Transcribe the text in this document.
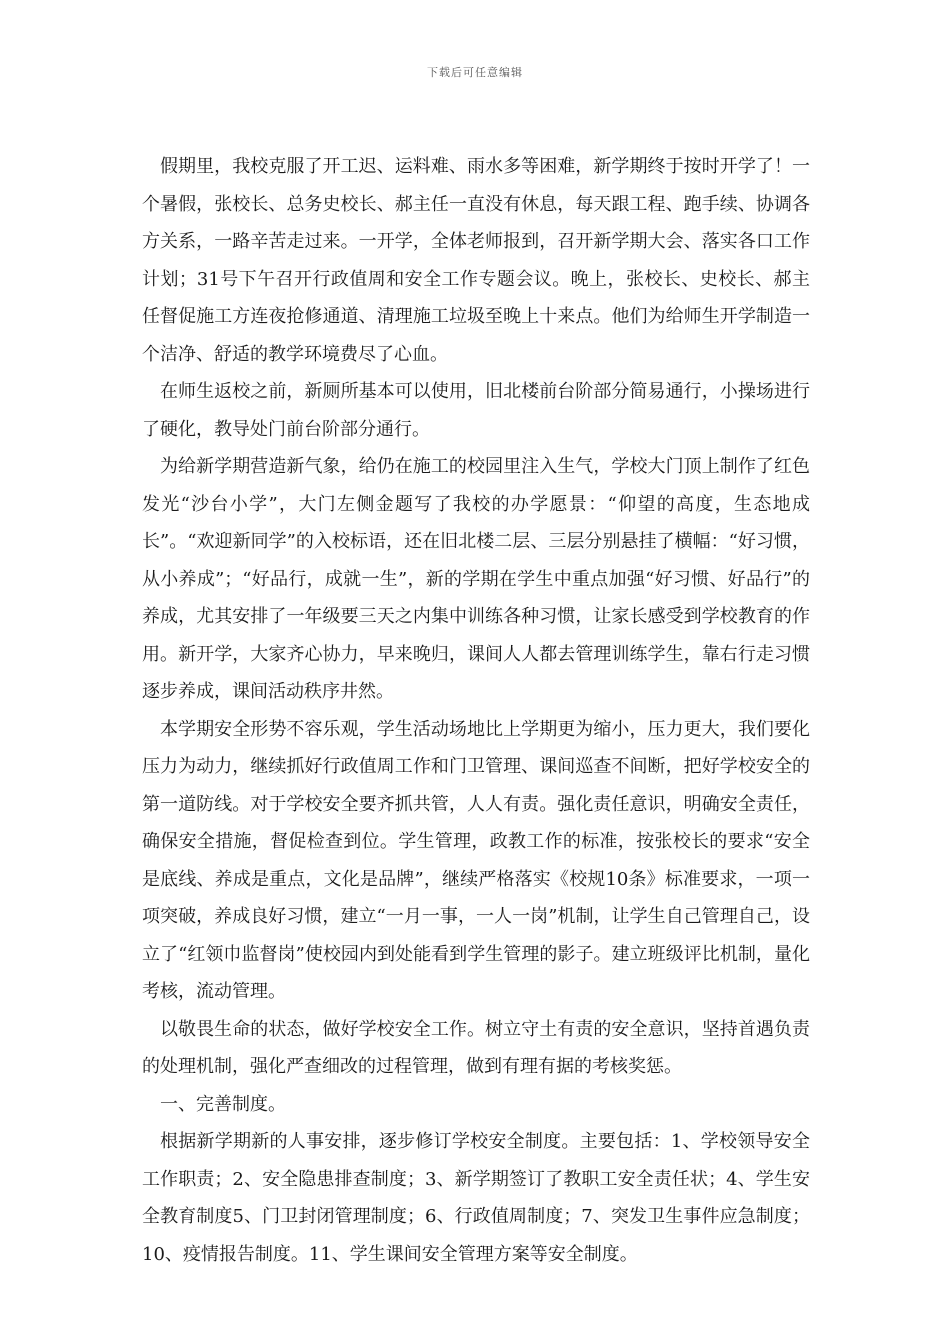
下载后可任意编辑

假期里，我校克服了开工迟、运料难、雨水多等困难，新学期终于按时开学了！一个暑假，张校长、总务史校长、郝主任一直没有休息，每天跟工程、跑手续、协调各方关系，一路辛苦走过来。一开学，全体老师报到，召开新学期大会、落实各口工作计划；31号下午召开行政值周和安全工作专题会议。晚上，张校长、史校长、郝主任督促施工方连夜抢修通道、清理施工垃圾至晚上十来点。他们为给师生开学制造一个洁净、舒适的教学环境费尽了心血。

在师生返校之前，新厕所基本可以使用，旧北楼前台阶部分简易通行，小操场进行了硬化，教导处门前台阶部分通行。

为给新学期营造新气象，给仍在施工的校园里注入生气，学校大门顶上制作了红色发光“沙台小学”，大门左侧金题写了我校的办学愿景：“仰望的高度，生态地成长”。“欢迎新同学”的入校标语，还在旧北楼二层、三层分别悬挂了横幅：“好习惯，从小养成”；“好品行，成就一生”，新的学期在学生中重点加强“好习惯、好品行”的养成，尤其安排了一年级要三天之内集中训练各种习惯，让家长感受到学校教育的作用。新开学，大家齐心协力，早来晚归，课间人人都去管理训练学生，靠右行走习惯逐步养成，课间活动秩序井然。

本学期安全形势不容乐观，学生活动场地比上学期更为缩小，压力更大，我们要化压力为动力，继续抓好行政值周工作和门卫管理、课间巡查不间断，把好学校安全的第一道防线。对于学校安全要齐抓共管，人人有责。强化责任意识，明确安全责任，确保安全措施，督促检查到位。学生管理，政教工作的标准，按张校长的要求“安全是底线、养成是重点，文化是品牌”，继续严格落实《校规10条》标准要求，一项一项突破，养成良好习惯，建立“一月一事，一人一岗”机制，让学生自己管理自己，设立了“红领巾监督岗”使校园内到处能看到学生管理的影子。建立班级评比机制，量化考核，流动管理。

以敬畏生命的状态，做好学校安全工作。树立守土有责的安全意识，坚持首遇负责的处理机制，强化严查细改的过程管理，做到有理有据的考核奖惩。

一、完善制度。

根据新学期新的人事安排，逐步修订学校安全制度。主要包括：1、学校领导安全工作职责；2、安全隐患排查制度；3、新学期签订了教职工安全责任状；4、学生安全教育制度5、门卫封闭管理制度；6、行政值周制度；7、突发卫生事件应急制度；10、疫情报告制度。11、学生课间安全管理方案等安全制度。
